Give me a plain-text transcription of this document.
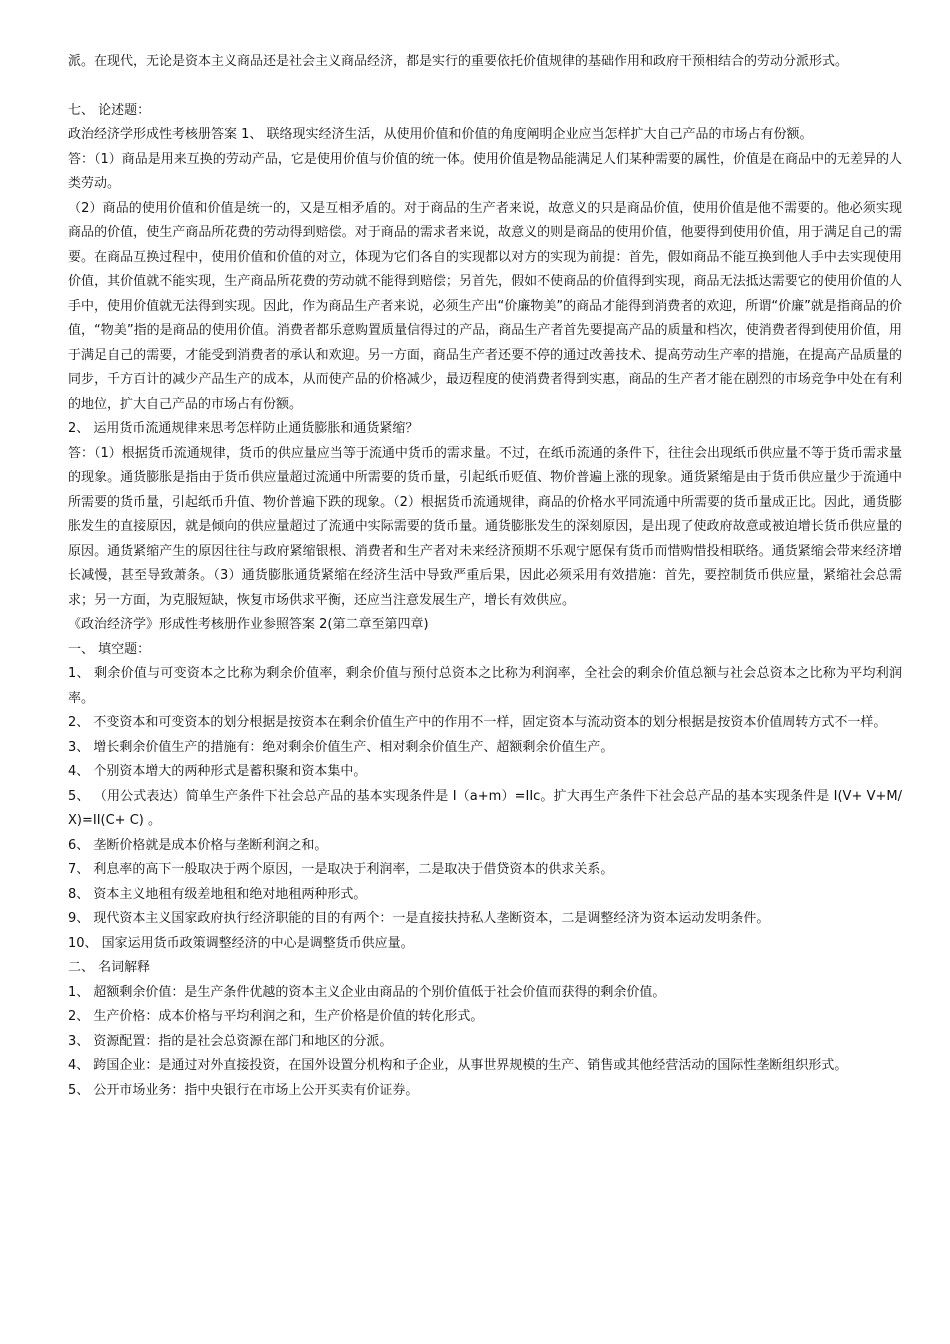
派。在现代，无论是资本主义商品还是社会主义商品经济，都是实行的重要依托价值规律的基础作用和政府干预相结合的劳动分派形式。

七、 论述题：

政治经济学形成性考核册答案 1、 联络现实经济生活，从使用价值和价值的角度阐明企业应当怎样扩大自己产品的市场占有份额。

答：（1）商品是用来互换的劳动产品，它是使用价值与价值的统一体。使用价值是物品能满足人们某种需要的属性，价值是在商品中的无差异的人类劳动。

（2）商品的使用价值和价值是统一的，又是互相矛盾的。对于商品的生产者来说，故意义的只是商品价值，使用价值是他不需要的。他必须实现商品的价值，使生产商品所花费的劳动得到赔偿。对于商品的需求者来说，故意义的则是商品的使用价值，他要得到使用价值，用于满足自己的需要。在商品互换过程中，使用价值和价值的对立，体现为它们各自的实现都以对方的实现为前提：首先，假如商品不能互换到他人手中去实现使用价值，其价值就不能实现，生产商品所花费的劳动就不能得到赔偿；另首先，假如不使商品的价值得到实现，商品无法抵达需要它的使用价值的人手中，使用价值就无法得到实现。因此，作为商品生产者来说，必须生产出“价廉物美”的商品才能得到消费者的欢迎，所谓“价廉”就是指商品的价值，“物美”指的是商品的使用价值。消费者都乐意购置质量信得过的产品，商品生产者首先要提高产品的质量和档次，使消费者得到使用价值，用于满足自己的需要，才能受到消费者的承认和欢迎。另一方面，商品生产者还要不停的通过改善技术、提高劳动生产率的措施，在提高产品质量的同步，千方百计的减少产品生产的成本，从而使产品的价格减少，最迈程度的使消费者得到实惠，商品的生产者才能在剧烈的市场竞争中处在有利的地位，扩大自己产品的市场占有份额。

2、 运用货币流通规律来思考怎样防止通货膨胀和通货紧缩？

答：（1）根据货币流通规律，货币的供应量应当等于流通中货币的需求量。不过，在纸币流通的条件下，往往会出现纸币供应量不等于货币需求量的现象。通货膨胀是指由于货币供应量超过流通中所需要的货币量，引起纸币贬值、物价普遍上涨的现象。通货紧缩是由于货币供应量少于流通中所需要的货币量，引起纸币升值、物价普遍下跌的现象。（2）根据货币流通规律，商品的价格水平同流通中所需要的货币量成正比。因此，通货膨胀发生的直接原因，就是倾向的供应量超过了流通中实际需要的货币量。通货膨胀发生的深刻原因，是出现了使政府故意或被迫增长货币供应量的原因。通货紧缩产生的原因往往与政府紧缩银根、消费者和生产者对未来经济预期不乐观宁愿保有货币而惜购惜投相联络。通货紧缩会带来经济增长减慢，甚至导致萧条。（3）通货膨胀通货紧缩在经济生活中导致严重后果，因此必须采用有效措施：首先，要控制货币供应量，紧缩社会总需求；另一方面，为克服短缺，恢复市场供求平衡，还应当注意发展生产，增长有效供应。

《政治经济学》形成性考核册作业参照答案 2(第二章至第四章)

一、 填空题：

1、 剩余价值与可变资本之比称为剩余价值率，剩余价值与预付总资本之比称为利润率，全社会的剩余价值总额与社会总资本之比称为平均利润率。

2、 不变资本和可变资本的划分根据是按资本在剩余价值生产中的作用不一样，固定资本与流动资本的划分根据是按资本价值周转方式不一样。

3、 增长剩余价值生产的措施有：绝对剩余价值生产、相对剩余价值生产、超额剩余价值生产。

4、 个别资本增大的两种形式是蓄积聚和资本集中。

5、 （用公式表达）简单生产条件下社会总产品的基本实现条件是 I（a+m）=IIc。扩大再生产条件下社会总产品的基本实现条件是 I(V+ V+M/X)=II(C+ C) 。

6、 垄断价格就是成本价格与垄断利润之和。

7、 利息率的高下一般取决于两个原因，一是取决于利润率，二是取决于借贷资本的供求关系。

8、 资本主义地租有级差地租和绝对地租两种形式。

9、 现代资本主义国家政府执行经济职能的目的有两个：一是直接扶持私人垄断资本，二是调整经济为资本运动发明条件。

10、 国家运用货币政策调整经济的中心是调整货币供应量。

二、 名词解释

1、 超额剩余价值：是生产条件优越的资本主义企业由商品的个别价值低于社会价值而获得的剩余价值。

2、 生产价格：成本价格与平均利润之和，生产价格是价值的转化形式。

3、 资源配置：指的是社会总资源在部门和地区的分派。

4、 跨国企业：是通过对外直接投资，在国外设置分机构和子企业，从事世界规模的生产、销售或其他经营活动的国际性垄断组织形式。

5、 公开市场业务：指中央银行在市场上公开买卖有价证券。
